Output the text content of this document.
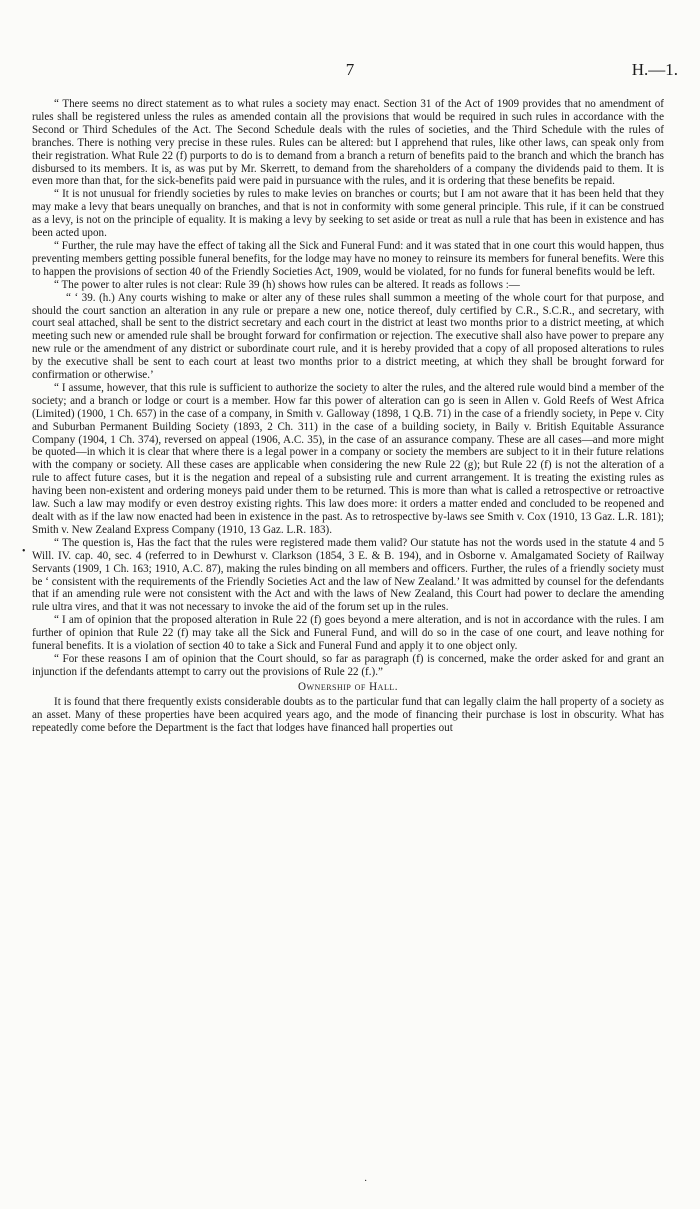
7	H.—1.

“ There seems no direct statement as to what rules a society may enact. Section 31 of the Act of 1909 provides that no amendment of rules shall be registered unless the rules as amended contain all the provisions that would be required in such rules in accordance with the Second or Third Schedules of the Act. The Second Schedule deals with the rules of societies, and the Third Schedule with the rules of branches. There is nothing very precise in these rules. Rules can be altered: but I apprehend that rules, like other laws, can speak only from their registration. What Rule 22 (f) purports to do is to demand from a branch a return of benefits paid to the branch and which the branch has disbursed to its members. It is, as was put by Mr. Skerrett, to demand from the shareholders of a company the dividends paid to them. It is even more than that, for the sick-benefits paid were paid in pursuance with the rules, and it is ordering that these benefits be repaid.

“ It is not unusual for friendly societies by rules to make levies on branches or courts; but I am not aware that it has been held that they may make a levy that bears unequally on branches, and that is not in conformity with some general principle. This rule, if it can be construed as a levy, is not on the principle of equality. It is making a levy by seeking to set aside or treat as null a rule that has been in existence and has been acted upon.

“ Further, the rule may have the effect of taking all the Sick and Funeral Fund: and it was stated that in one court this would happen, thus preventing members getting possible funeral benefits, for the lodge may have no money to reinsure its members for funeral benefits. Were this to happen the provisions of section 40 of the Friendly Societies Act, 1909, would be violated, for no funds for funeral benefits would be left.

“ The power to alter rules is not clear: Rule 39 (h) shows how rules can be altered. It reads as follows :—

“ ‘ 39. (h.) Any courts wishing to make or alter any of these rules shall summon a meeting of the whole court for that purpose, and should the court sanction an alteration in any rule or prepare a new one, notice thereof, duly certified by C.R., S.C.R., and secretary, with court seal attached, shall be sent to the district secretary and each court in the district at least two months prior to a district meeting, at which meeting such new or amended rule shall be brought forward for confirmation or rejection. The executive shall also have power to prepare any new rule or the amendment of any district or subordinate court rule, and it is hereby provided that a copy of all proposed alterations to rules by the executive shall be sent to each court at least two months prior to a district meeting, at which they shall be brought forward for confirmation or otherwise.’

“ I assume, however, that this rule is sufficient to authorize the society to alter the rules, and the altered rule would bind a member of the society; and a branch or lodge or court is a member. How far this power of alteration can go is seen in Allen v. Gold Reefs of West Africa (Limited) (1900, 1 Ch. 657) in the case of a company, in Smith v. Galloway (1898, 1 Q.B. 71) in the case of a friendly society, in Pepe v. City and Suburban Permanent Building Society (1893, 2 Ch. 311) in the case of a building society, in Baily v. British Equitable Assurance Company (1904, 1 Ch. 374), reversed on appeal (1906, A.C. 35), in the case of an assurance company. These are all cases—and more might be quoted—in which it is clear that where there is a legal power in a company or society the members are subject to it in their future relations with the company or society. All these cases are applicable when considering the new Rule 22 (g); but Rule 22 (f) is not the alteration of a rule to affect future cases, but it is the negation and repeal of a subsisting rule and current arrangement. It is treating the existing rules as having been non-existent and ordering moneys paid under them to be returned. This is more than what is called a retrospective or retroactive law. Such a law may modify or even destroy existing rights. This law does more: it orders a matter ended and concluded to be reopened and dealt with as if the law now enacted had been in existence in the past. As to retrospective by-laws see Smith v. Cox (1910, 13 Gaz. L.R. 181); Smith v. New Zealand Express Company (1910, 13 Gaz. L.R. 183).

“ The question is, Has the fact that the rules were registered made them valid? Our statute has not the words used in the statute 4 and 5 Will. IV. cap. 40, sec. 4 (referred to in Dewhurst v. Clarkson (1854, 3 E. & B. 194), and in Osborne v. Amalgamated Society of Railway Servants (1909, 1 Ch. 163; 1910, A.C. 87), making the rules binding on all members and officers. Further, the rules of a friendly society must be ‘ consistent with the requirements of the Friendly Societies Act and the law of New Zealand.’ It was admitted by counsel for the defendants that if an amending rule were not consistent with the Act and with the laws of New Zealand, this Court had power to declare the amending rule ultra vires, and that it was not necessary to invoke the aid of the forum set up in the rules.

“ I am of opinion that the proposed alteration in Rule 22 (f) goes beyond a mere alteration, and is not in accordance with the rules. I am further of opinion that Rule 22 (f) may take all the Sick and Funeral Fund, and will do so in the case of one court, and leave nothing for funeral benefits. It is a violation of section 40 to take a Sick and Funeral Fund and apply it to one object only.

“ For these reasons I am of opinion that the Court should, so far as paragraph (f) is concerned, make the order asked for and grant an injunction if the defendants attempt to carry out the provisions of Rule 22 (f.).”

Ownership of Hall.

It is found that there frequently exists considerable doubts as to the particular fund that can legally claim the hall property of a society as an asset. Many of these properties have been acquired years ago, and the mode of financing their purchase is lost in obscurity. What has repeatedly come before the Department is the fact that lodges have financed hall properties out

•
·
